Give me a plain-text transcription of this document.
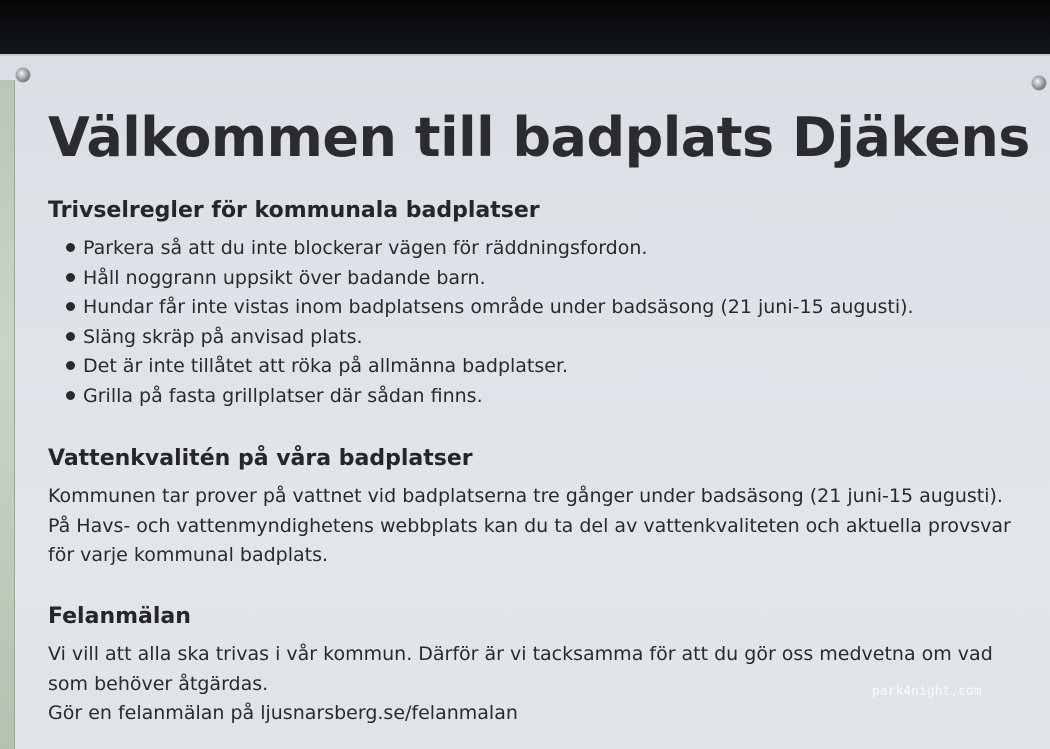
Välkommen till badplats Djäkens
Trivselregler för kommunala badplatser
Parkera så att du inte blockerar vägen för räddningsfordon.
Håll noggrann uppsikt över badande barn.
Hundar får inte vistas inom badplatsens område under badsäsong (21 juni-15 augusti).
Släng skräp på anvisad plats.
Det är inte tillåtet att röka på allmänna badplatser.
Grilla på fasta grillplatser där sådan finns.
Vattenkvalitén på våra badplatser
Kommunen tar prover på vattnet vid badplatserna tre gånger under badsäsong (21 juni-15 augusti).
På Havs- och vattenmyndighetens webbplats kan du ta del av vattenkvaliteten och aktuella provsvar
för varje kommunal badplats.
Felanmälan
Vi vill att alla ska trivas i vår kommun. Därför är vi tacksamma för att du gör oss medvetna om vad
som behöver åtgärdas.
Gör en felanmälan på ljusnarsberg.se/felanmalan
park4night.com
